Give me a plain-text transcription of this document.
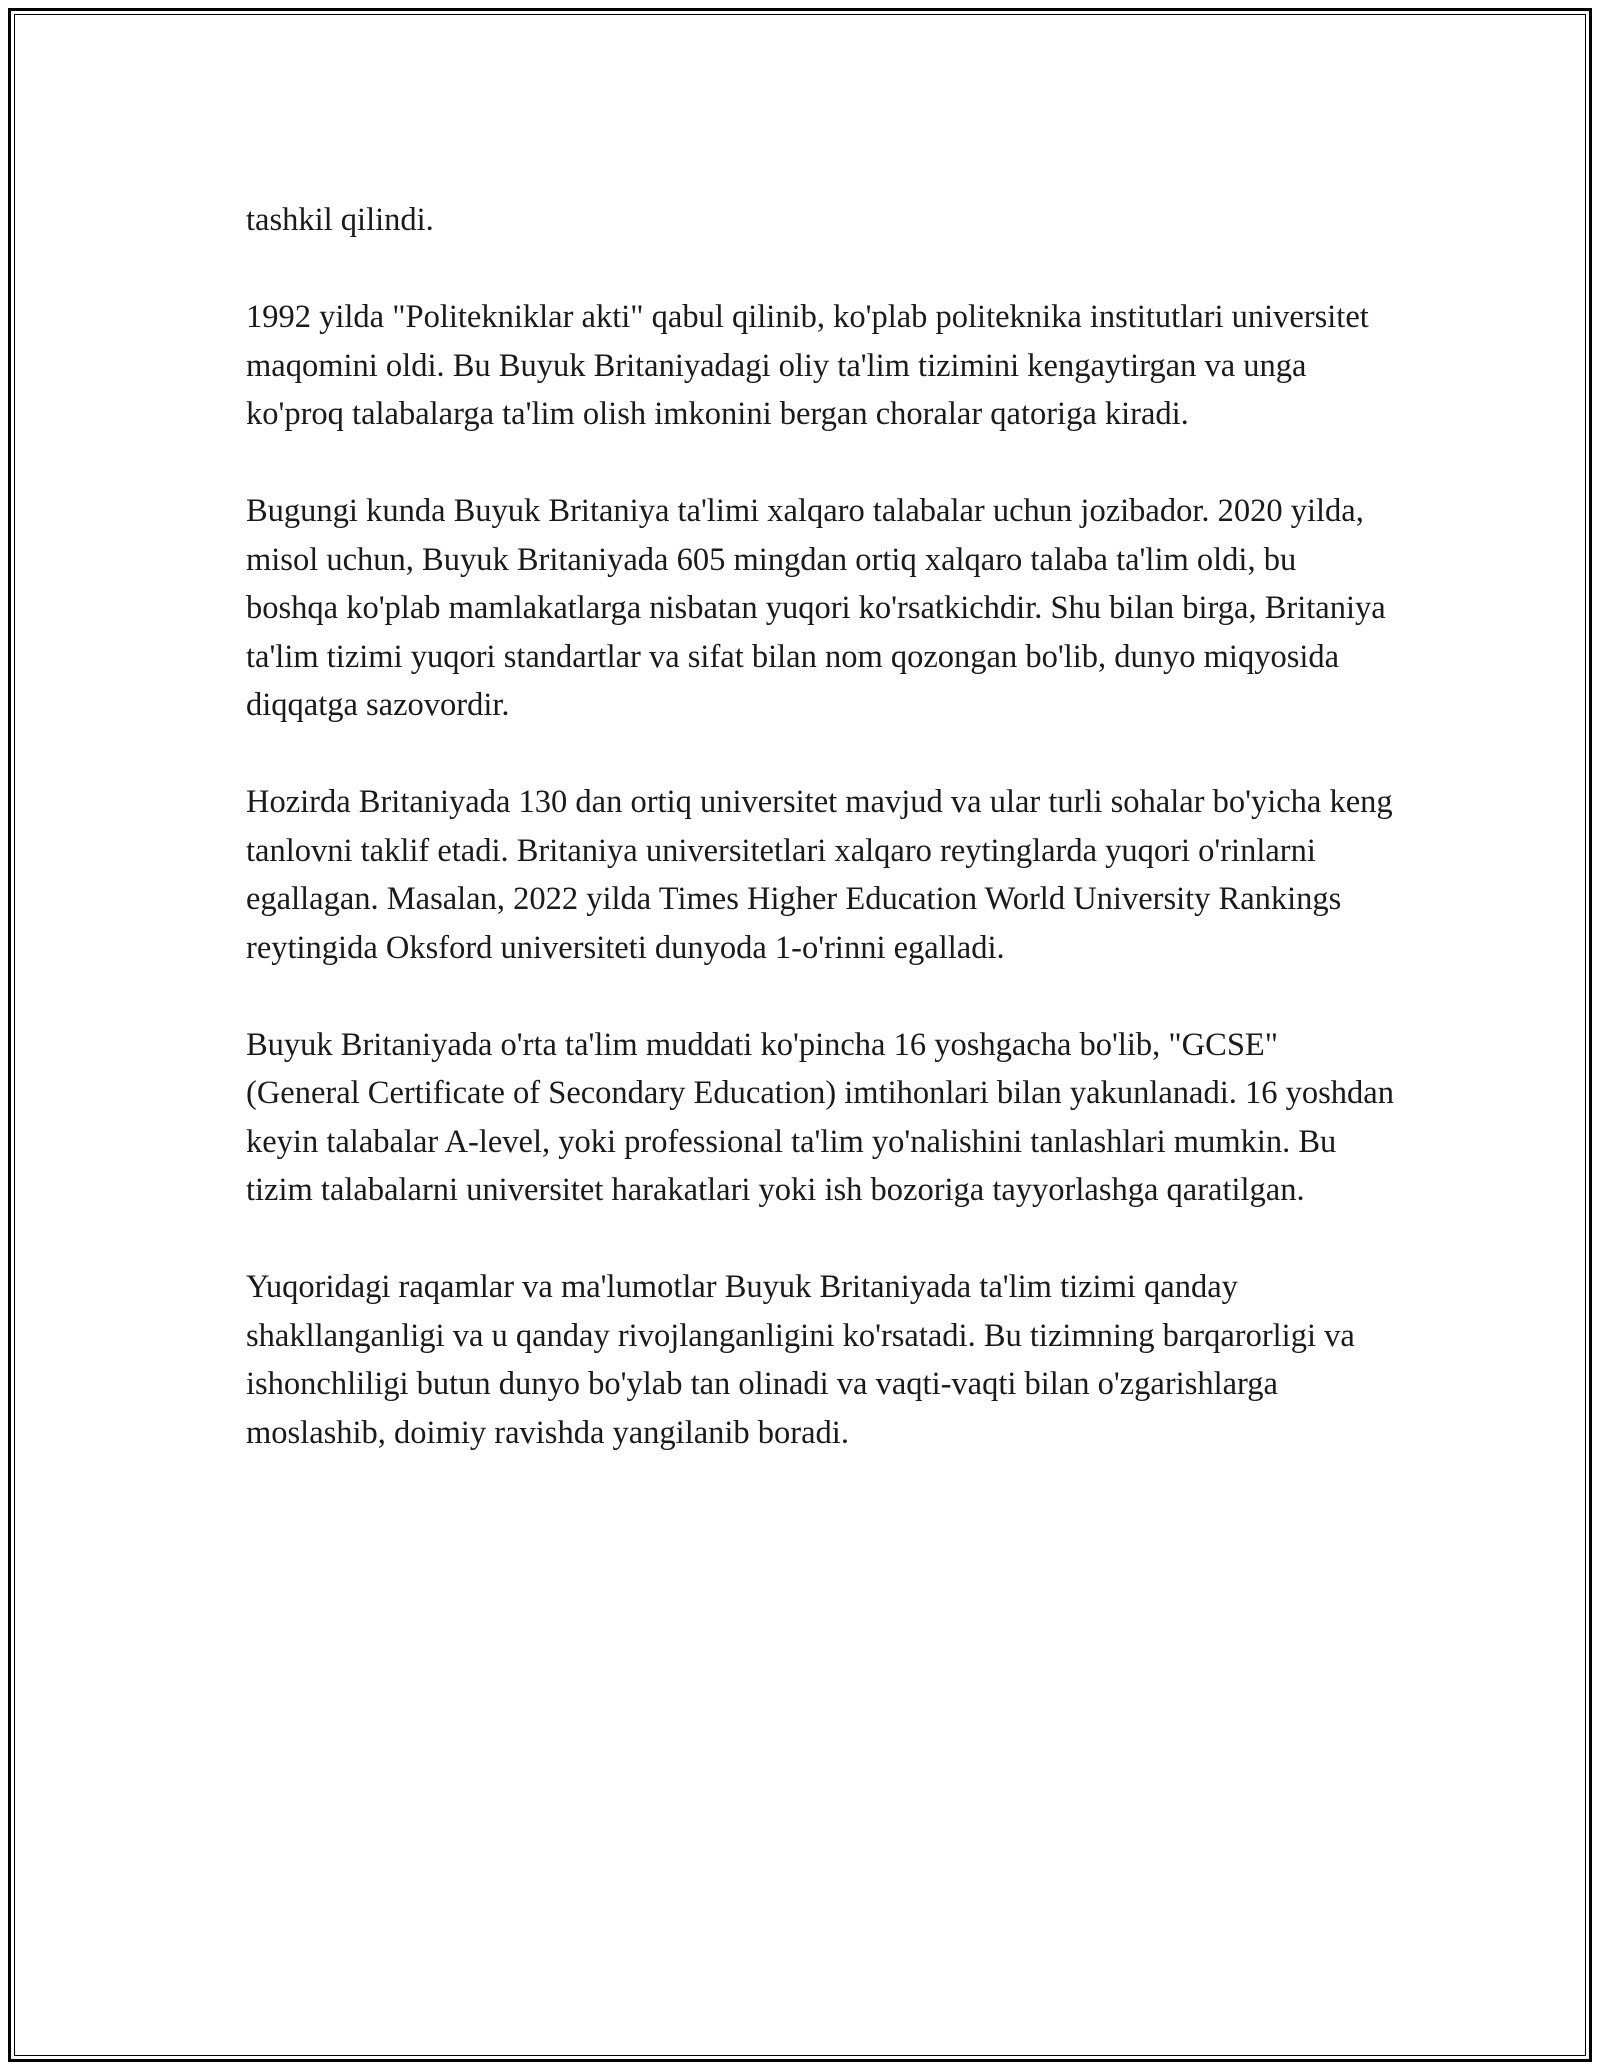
tashkil qilindi.

1992 yilda "Politekniklar akti" qabul qilinib, ko'plab politeknika institutlari universitet maqomini oldi. Bu Buyuk Britaniyadagi oliy ta'lim tizimini kengaytirgan va unga ko'proq talabalarga ta'lim olish imkonini bergan choralar qatoriga kiradi.

Bugungi kunda Buyuk Britaniya ta'limi xalqaro talabalar uchun jozibador. 2020 yilda, misol uchun, Buyuk Britaniyada 605 mingdan ortiq xalqaro talaba ta'lim oldi, bu boshqa ko'plab mamlakatlarga nisbatan yuqori ko'rsatkichdir. Shu bilan birga, Britaniya ta'lim tizimi yuqori standartlar va sifat bilan nom qozongan bo'lib, dunyo miqyosida diqqatga sazovordir.

Hozirda Britaniyada 130 dan ortiq universitet mavjud va ular turli sohalar bo'yicha keng tanlovni taklif etadi. Britaniya universitetlari xalqaro reytinglarda yuqori o'rinlarni egallagan. Masalan, 2022 yilda Times Higher Education World University Rankings reytingida Oksford universiteti dunyoda 1-o'rinni egalladi.

Buyuk Britaniyada o'rta ta'lim muddati ko'pincha 16 yoshgacha bo'lib, "GCSE" (General Certificate of Secondary Education) imtihonlari bilan yakunlanadi. 16 yoshdan keyin talabalar A-level, yoki professional ta'lim yo'nalishini tanlashlari mumkin. Bu tizim talabalarni universitet harakatlari yoki ish bozoriga tayyorlashga qaratilgan.

Yuqoridagi raqamlar va ma'lumotlar Buyuk Britaniyada ta'lim tizimi qanday shakllanganligi va u qanday rivojlanganligini ko'rsatadi. Bu tizimning barqarorligi va ishonchliligi butun dunyo bo'ylab tan olinadi va vaqti-vaqti bilan o'zgarishlarga moslashib, doimiy ravishda yangilanib boradi.
